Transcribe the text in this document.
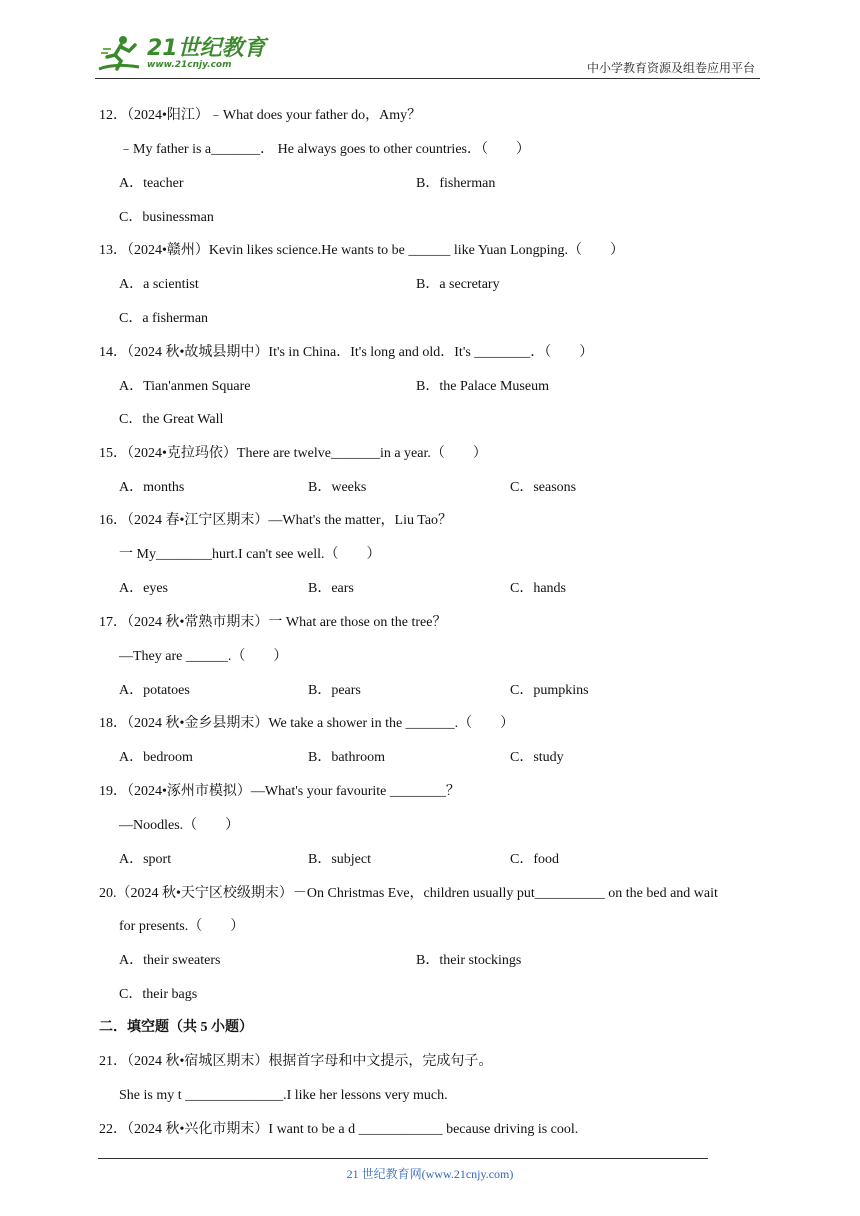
21世纪教育
www.21cnjy.com	中小学教育资源及组卷应用平台
12．（2024•阳江）﹣What does your father do，Amy？
﹣My father is a_______． He always goes to other countries．（　　）
A．teacher	B．fisherman
C．businessman
13．（2024•赣州）Kevin likes science.He wants to be ______ like Yuan Longping.（　　）
A．a scientist	B．a secretary
C．a fisherman
14．（2024 秋•故城县期中）It's in China．It's long and old．It's ________．（　　）
A．Tian'anmen Square	B．the Palace Museum
C．the Great Wall
15．（2024•克拉玛依）There are twelve_______in a year.（　　）
A．months	B．weeks	C．seasons
16．（2024 春•江宁区期末）—What's the matter，Liu Tao？
一 My________hurt.I can't see well.（　　）
A．eyes	B．ears	C．hands
17．（2024 秋•常熟市期末）一 What are those on the tree？
—They are ______.（　　）
A．potatoes	B．pears	C．pumpkins
18．（2024 秋•金乡县期末）We take a shower in the _______.（　　）
A．bedroom	B．bathroom	C．study
19．（2024•涿州市模拟）—What's your favourite ________？
—Noodles.（　　）
A．sport	B．subject	C．food
20.（2024 秋•天宁区校级期末）－On Christmas Eve，children usually put__________ on the bed and wait
for presents.（　　）
A．their sweaters	B．their stockings
C．their bags
二．填空题（共 5 小题）
21．（2024 秋•宿城区期末）根据首字母和中文提示，完成句子。
She is my t ______________.I like her lessons very much.
22．（2024 秋•兴化市期末）I want to be a d ____________ because driving is cool.
21 世纪教育网(www.21cnjy.com)
